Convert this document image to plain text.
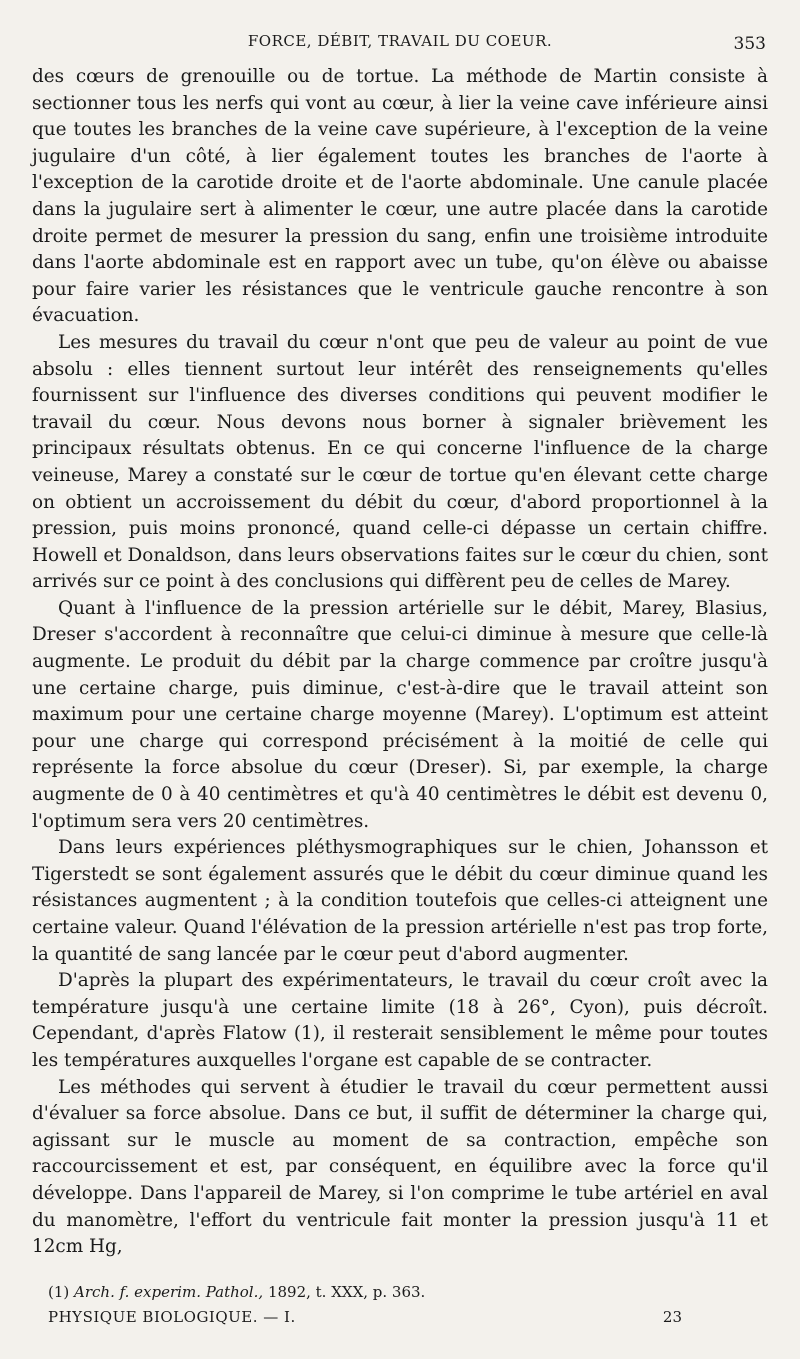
FORCE, DÉBIT, TRAVAIL DU COEUR.	353

des cœurs de grenouille ou de tortue. La méthode de Martin consiste à sectionner tous les nerfs qui vont au cœur, à lier la veine cave inférieure ainsi que toutes les branches de la veine cave supérieure, à l'exception de la veine jugulaire d'un côté, à lier également toutes les branches de l'aorte à l'exception de la carotide droite et de l'aorte abdominale. Une canule placée dans la jugulaire sert à alimenter le cœur, une autre placée dans la carotide droite permet de mesurer la pression du sang, enfin une troisième introduite dans l'aorte abdominale est en rapport avec un tube, qu'on élève ou abaisse pour faire varier les résistances que le ventricule gauche rencontre à son évacuation.

Les mesures du travail du cœur n'ont que peu de valeur au point de vue absolu : elles tiennent surtout leur intérêt des renseignements qu'elles fournissent sur l'influence des diverses conditions qui peuvent modifier le travail du cœur. Nous devons nous borner à signaler brièvement les principaux résultats obtenus. En ce qui concerne l'influence de la charge veineuse, Marey a constaté sur le cœur de tortue qu'en élevant cette charge on obtient un accroissement du débit du cœur, d'abord proportionnel à la pression, puis moins prononcé, quand celle-ci dépasse un certain chiffre. Howell et Donaldson, dans leurs observations faites sur le cœur du chien, sont arrivés sur ce point à des conclusions qui diffèrent peu de celles de Marey.

Quant à l'influence de la pression artérielle sur le débit, Marey, Blasius, Dreser s'accordent à reconnaître que celui-ci diminue à mesure que celle-là augmente. Le produit du débit par la charge commence par croître jusqu'à une certaine charge, puis diminue, c'est-à-dire que le travail atteint son maximum pour une certaine charge moyenne (Marey). L'optimum est atteint pour une charge qui correspond précisément à la moitié de celle qui représente la force absolue du cœur (Dreser). Si, par exemple, la charge augmente de 0 à 40 centimètres et qu'à 40 centimètres le débit est devenu 0, l'optimum sera vers 20 centimètres.

Dans leurs expériences pléthysmographiques sur le chien, Johansson et Tigerstedt se sont également assurés que le débit du cœur diminue quand les résistances augmentent ; à la condition toutefois que celles-ci atteignent une certaine valeur. Quand l'élévation de la pression artérielle n'est pas trop forte, la quantité de sang lancée par le cœur peut d'abord augmenter.

D'après la plupart des expérimentateurs, le travail du cœur croît avec la température jusqu'à une certaine limite (18 à 26°, Cyon), puis décroît. Cependant, d'après Flatow (1), il resterait sensiblement le même pour toutes les températures auxquelles l'organe est capable de se contracter.

Les méthodes qui servent à étudier le travail du cœur permettent aussi d'évaluer sa force absolue. Dans ce but, il suffit de déterminer la charge qui, agissant sur le muscle au moment de sa contraction, empêche son raccourcissement et est, par conséquent, en équilibre avec la force qu'il développe. Dans l'appareil de Marey, si l'on comprime le tube artériel en aval du manomètre, l'effort du ventricule fait monter la pression jusqu'à 11 et 12cm Hg,

(1) Arch. f. experim. Pathol., 1892, t. XXX, p. 363.
PHYSIQUE BIOLOGIQUE. — I.	23
